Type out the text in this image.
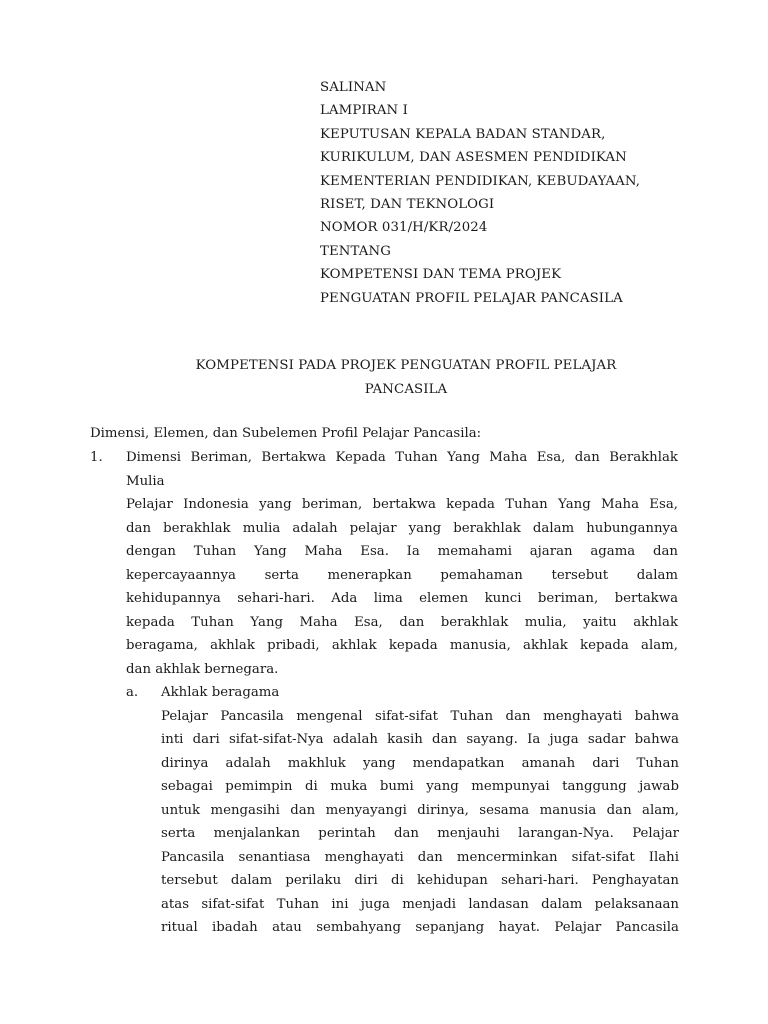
SALINAN
LAMPIRAN I
KEPUTUSAN KEPALA BADAN STANDAR,
KURIKULUM, DAN ASESMEN PENDIDIKAN
KEMENTERIAN PENDIDIKAN, KEBUDAYAAN,
RISET, DAN TEKNOLOGI
NOMOR 031/H/KR/2024
TENTANG
KOMPETENSI DAN TEMA PROJEK
PENGUATAN PROFIL PELAJAR PANCASILA
KOMPETENSI PADA PROJEK PENGUATAN PROFIL PELAJAR
PANCASILA
Dimensi, Elemen, dan Subelemen Profil Pelajar Pancasila:
1. Dimensi Beriman, Bertakwa Kepada Tuhan Yang Maha Esa, dan Berakhlak
Mulia
Pelajar Indonesia yang beriman, bertakwa kepada Tuhan Yang Maha Esa,
dan berakhlak mulia adalah pelajar yang berakhlak dalam hubungannya
dengan Tuhan Yang Maha Esa. Ia memahami ajaran agama dan
kepercayaannya serta menerapkan pemahaman tersebut dalam
kehidupannya sehari-hari. Ada lima elemen kunci beriman, bertakwa
kepada Tuhan Yang Maha Esa, dan berakhlak mulia, yaitu akhlak
beragama, akhlak pribadi, akhlak kepada manusia, akhlak kepada alam,
dan akhlak bernegara.
a. Akhlak beragama
Pelajar Pancasila mengenal sifat-sifat Tuhan dan menghayati bahwa
inti dari sifat-sifat-Nya adalah kasih dan sayang. Ia juga sadar bahwa
dirinya adalah makhluk yang mendapatkan amanah dari Tuhan
sebagai pemimpin di muka bumi yang mempunyai tanggung jawab
untuk mengasihi dan menyayangi dirinya, sesama manusia dan alam,
serta menjalankan perintah dan menjauhi larangan-Nya. Pelajar
Pancasila senantiasa menghayati dan mencerminkan sifat-sifat Ilahi
tersebut dalam perilaku diri di kehidupan sehari-hari. Penghayatan
atas sifat-sifat Tuhan ini juga menjadi landasan dalam pelaksanaan
ritual ibadah atau sembahyang sepanjang hayat. Pelajar Pancasila
